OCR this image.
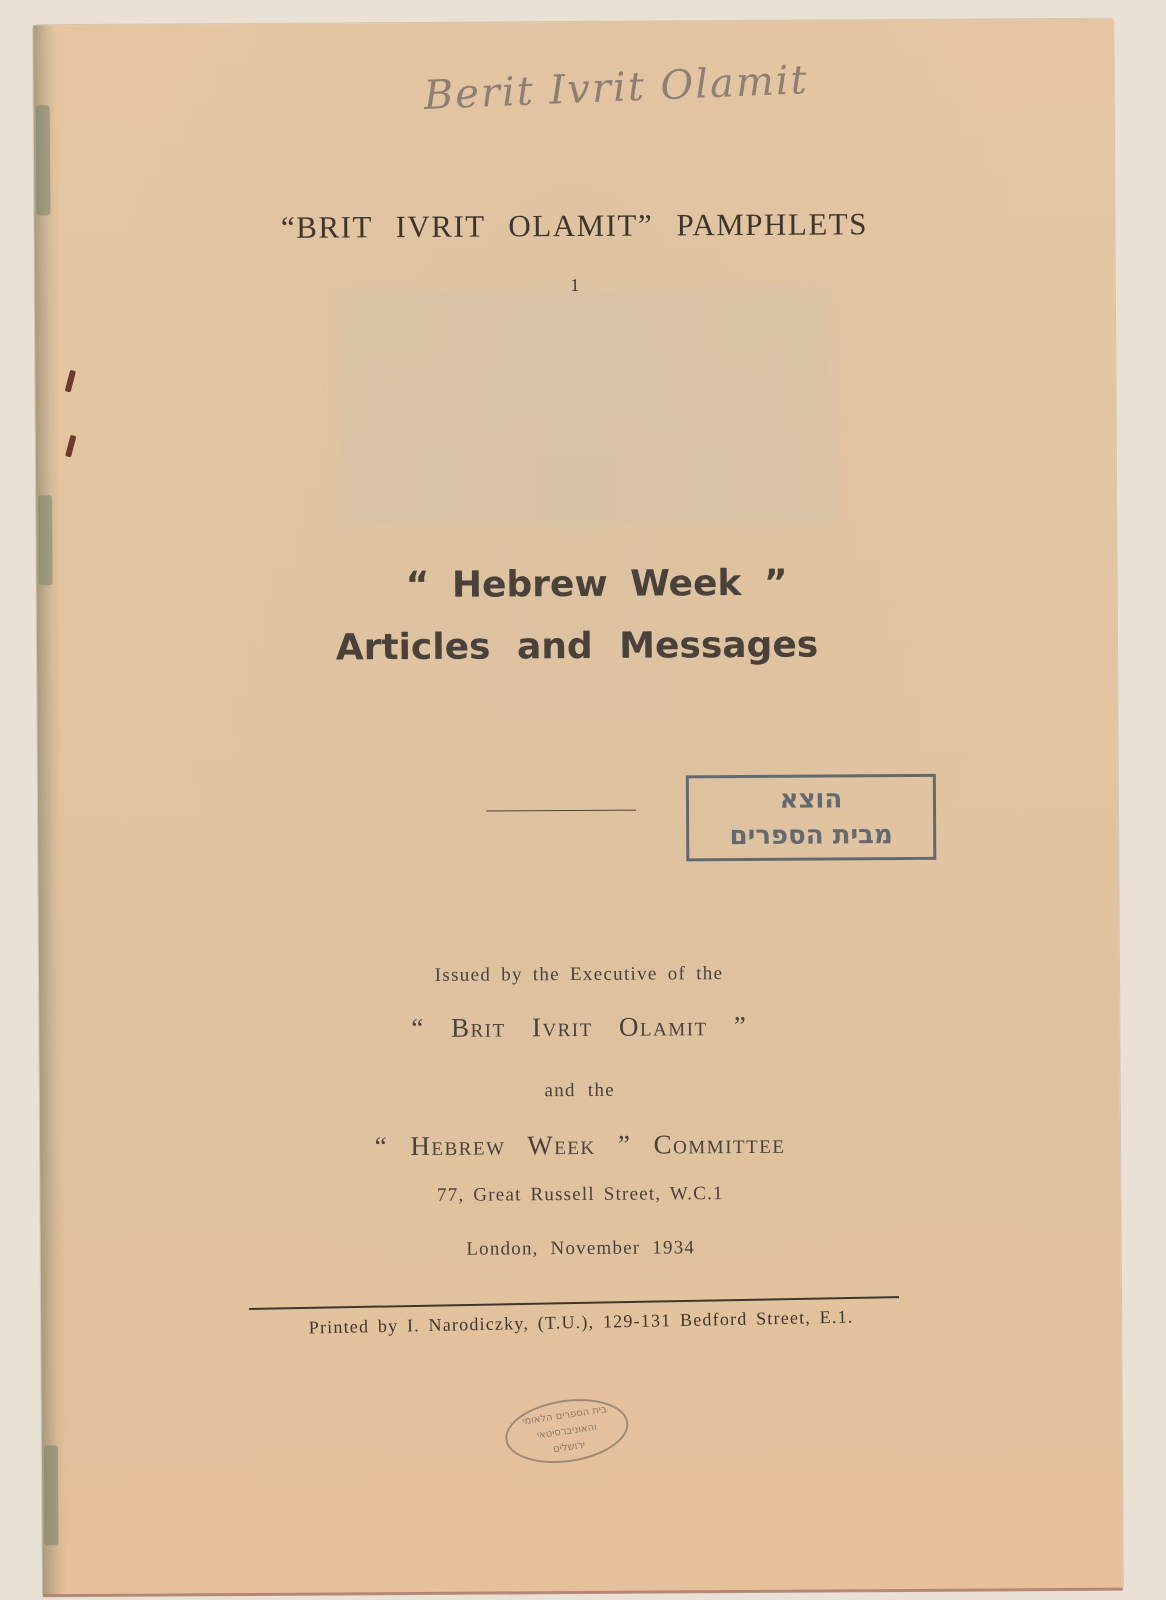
Berit Ivrit Olamit
“BRIT IVRIT OLAMIT” PAMPHLETS
1
“ Hebrew Week ”
Articles and Messages
הוצא
מבית הספרים
Issued by the Executive of the
“ Brit Ivrit Olamit ”
and the
“ Hebrew Week ” Committee
77, Great Russell Street, W.C.1
London, November 1934
Printed by I. Narodiczky, (T.U.), 129-131 Bedford Street, E.1.
בית הספרים הלאומי
והאוניברסיטאי
ירושלים
